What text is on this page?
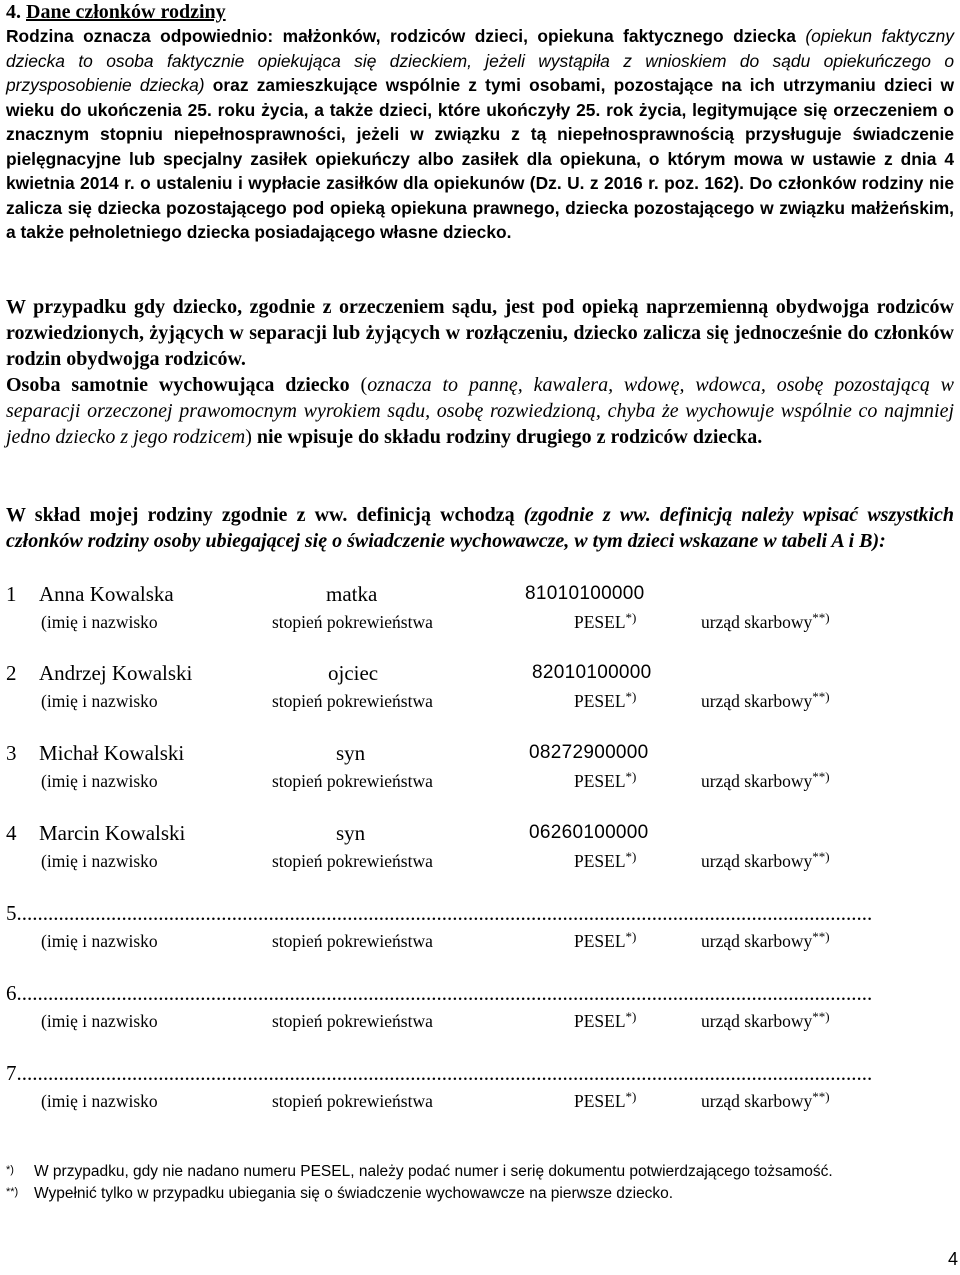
4. Dane członków rodziny
Rodzina oznacza odpowiednio: małżonków, rodziców dzieci, opiekuna faktycznego dziecka (opiekun faktyczny dziecka to osoba faktycznie opiekująca się dzieckiem, jeżeli wystąpiła z wnioskiem do sądu opiekuńczego o przysposobienie dziecka) oraz zamieszkujące wspólnie z tymi osobami, pozostające na ich utrzymaniu dzieci w wieku do ukończenia 25. roku życia, a także dzieci, które ukończyły 25. rok życia, legitymujące się orzeczeniem o znacznym stopniu niepełnosprawności, jeżeli w związku z tą niepełnosprawnością przysługuje świadczenie pielęgnacyjne lub specjalny zasiłek opiekuńczy albo zasiłek dla opiekuna, o którym mowa w ustawie z dnia 4 kwietnia 2014 r. o ustaleniu i wypłacie zasiłków dla opiekunów (Dz. U. z 2016 r. poz. 162). Do członków rodziny nie zalicza się dziecka pozostającego pod opieką opiekuna prawnego, dziecka pozostającego w związku małżeńskim, a także pełnoletniego dziecka posiadającego własne dziecko.
W przypadku gdy dziecko, zgodnie z orzeczeniem sądu, jest pod opieką naprzemienną obydwojga rodziców rozwiedzionych, żyjących w separacji lub żyjących w rozłączeniu, dziecko zalicza się jednocześnie do członków rodzin obydwojga rodziców.
Osoba samotnie wychowująca dziecko (oznacza to pannę, kawalera, wdowę, wdowca, osobę pozostającą w separacji orzeczonej prawomocnym wyrokiem sądu, osobę rozwiedzioną, chyba że wychowuje wspólnie co najmniej jedno dziecko z jego rodzicem) nie wpisuje do składu rodziny drugiego z rodziców dziecka.
W skład mojej rodziny zgodnie z ww. definicją wchodzą (zgodnie z ww. definicją należy wpisać wszystkich członków rodziny osoby ubiegającej się o świadczenie wychowawcze, w tym dzieci wskazane w tabeli A i B):
1 Anna Kowalska	matka	81010100000
(imię i nazwisko	stopień pokrewieństwa	PESEL*)	urząd skarbowy**)
2 Andrzej Kowalski	ojciec	82010100000
(imię i nazwisko	stopień pokrewieństwa	PESEL*)	urząd skarbowy**)
3 Michał Kowalski	syn	08272900000
(imię i nazwisko	stopień pokrewieństwa	PESEL*)	urząd skarbowy**)
4 Marcin Kowalski	syn	06260100000
(imię i nazwisko	stopień pokrewieństwa	PESEL*)	urząd skarbowy**)
5...................................................................................................................................................................
(imię i nazwisko	stopień pokrewieństwa	PESEL*)	urząd skarbowy**)
6...................................................................................................................................................................
(imię i nazwisko	stopień pokrewieństwa	PESEL*)	urząd skarbowy**)
7...................................................................................................................................................................
(imię i nazwisko	stopień pokrewieństwa	PESEL*)	urząd skarbowy**)
*) W przypadku, gdy nie nadano numeru PESEL, należy podać numer i serię dokumentu potwierdzającego tożsamość.
**) Wypełnić tylko w przypadku ubiegania się o świadczenie wychowawcze na pierwsze dziecko.
4
